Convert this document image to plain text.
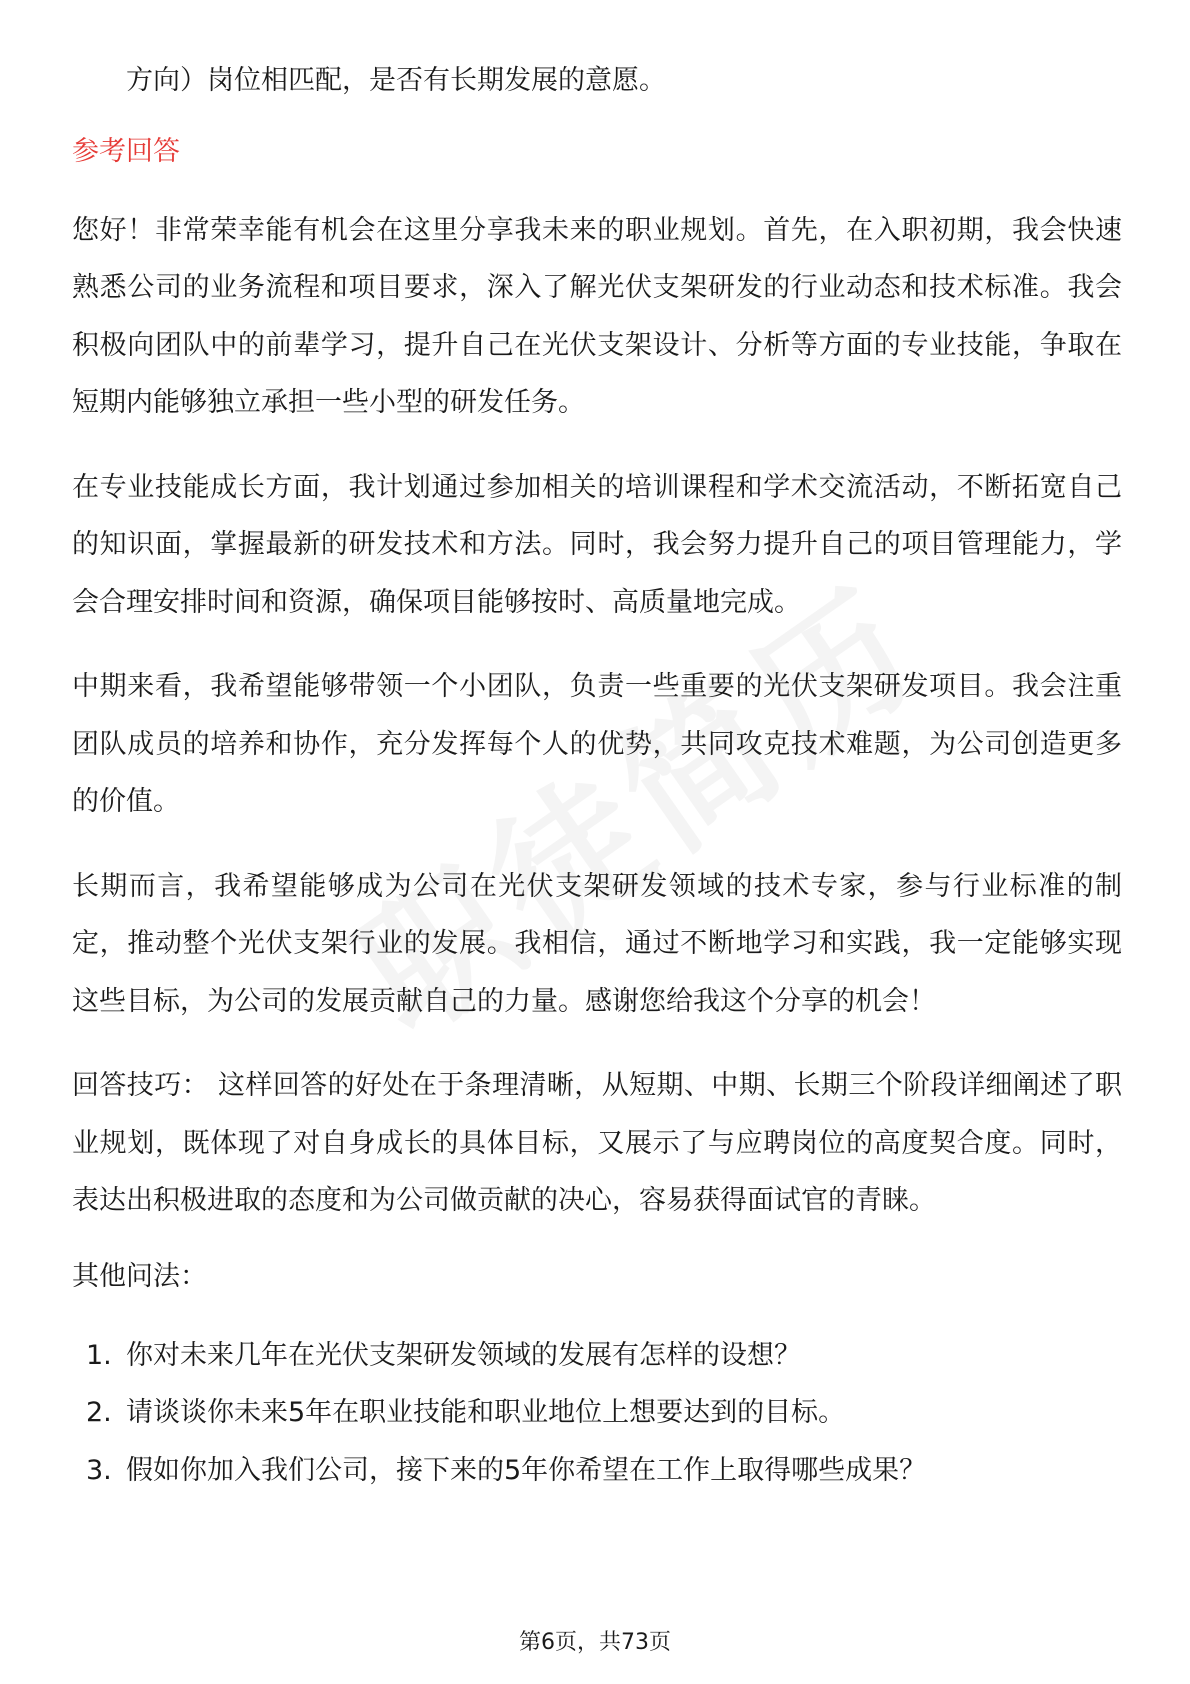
方向）岗位相匹配，是否有长期发展的意愿。

参考回答

您好！非常荣幸能有机会在这里分享我未来的职业规划。首先，在入职初期，我会快速熟悉公司的业务流程和项目要求，深入了解光伏支架研发的行业动态和技术标准。我会积极向团队中的前辈学习，提升自己在光伏支架设计、分析等方面的专业技能，争取在短期内能够独立承担一些小型的研发任务。

在专业技能成长方面，我计划通过参加相关的培训课程和学术交流活动，不断拓宽自己的知识面，掌握最新的研发技术和方法。同时，我会努力提升自己的项目管理能力，学会合理安排时间和资源，确保项目能够按时、高质量地完成。

中期来看，我希望能够带领一个小团队，负责一些重要的光伏支架研发项目。我会注重团队成员的培养和协作，充分发挥每个人的优势，共同攻克技术难题，为公司创造更多的价值。

长期而言，我希望能够成为公司在光伏支架研发领域的技术专家，参与行业标准的制定，推动整个光伏支架行业的发展。我相信，通过不断地学习和实践，我一定能够实现这些目标，为公司的发展贡献自己的力量。感谢您给我这个分享的机会！

回答技巧： 这样回答的好处在于条理清晰，从短期、中期、长期三个阶段详细阐述了职业规划，既体现了对自身成长的具体目标，又展示了与应聘岗位的高度契合度。同时，表达出积极进取的态度和为公司做贡献的决心，容易获得面试官的青睐。

其他问法：

1. 你对未来几年在光伏支架研发领域的发展有怎样的设想？
2. 请谈谈你未来5年在职业技能和职业地位上想要达到的目标。
3. 假如你加入我们公司，接下来的5年你希望在工作上取得哪些成果？
第6页，共73页
